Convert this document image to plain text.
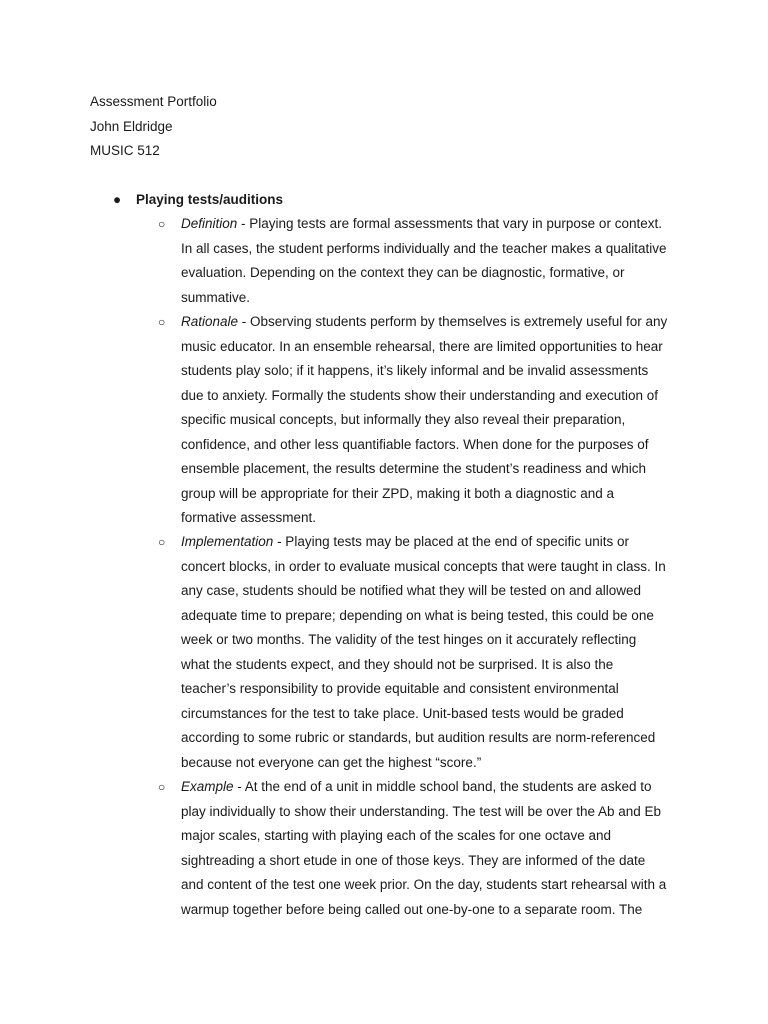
Assessment Portfolio
John Eldridge
MUSIC 512
● Playing tests/auditions
○ Definition - Playing tests are formal assessments that vary in purpose or context.
In all cases, the student performs individually and the teacher makes a qualitative
evaluation. Depending on the context they can be diagnostic, formative, or
summative.
○ Rationale - Observing students perform by themselves is extremely useful for any
music educator. In an ensemble rehearsal, there are limited opportunities to hear
students play solo; if it happens, it’s likely informal and be invalid assessments
due to anxiety. Formally the students show their understanding and execution of
specific musical concepts, but informally they also reveal their preparation,
confidence, and other less quantifiable factors. When done for the purposes of
ensemble placement, the results determine the student’s readiness and which
group will be appropriate for their ZPD, making it both a diagnostic and a
formative assessment.
○ Implementation - Playing tests may be placed at the end of specific units or
concert blocks, in order to evaluate musical concepts that were taught in class. In
any case, students should be notified what they will be tested on and allowed
adequate time to prepare; depending on what is being tested, this could be one
week or two months. The validity of the test hinges on it accurately reflecting
what the students expect, and they should not be surprised. It is also the
teacher’s responsibility to provide equitable and consistent environmental
circumstances for the test to take place. Unit-based tests would be graded
according to some rubric or standards, but audition results are norm-referenced
because not everyone can get the highest “score.”
○ Example - At the end of a unit in middle school band, the students are asked to
play individually to show their understanding. The test will be over the Ab and Eb
major scales, starting with playing each of the scales for one octave and
sightreading a short etude in one of those keys. They are informed of the date
and content of the test one week prior. On the day, students start rehearsal with a
warmup together before being called out one-by-one to a separate room. The
